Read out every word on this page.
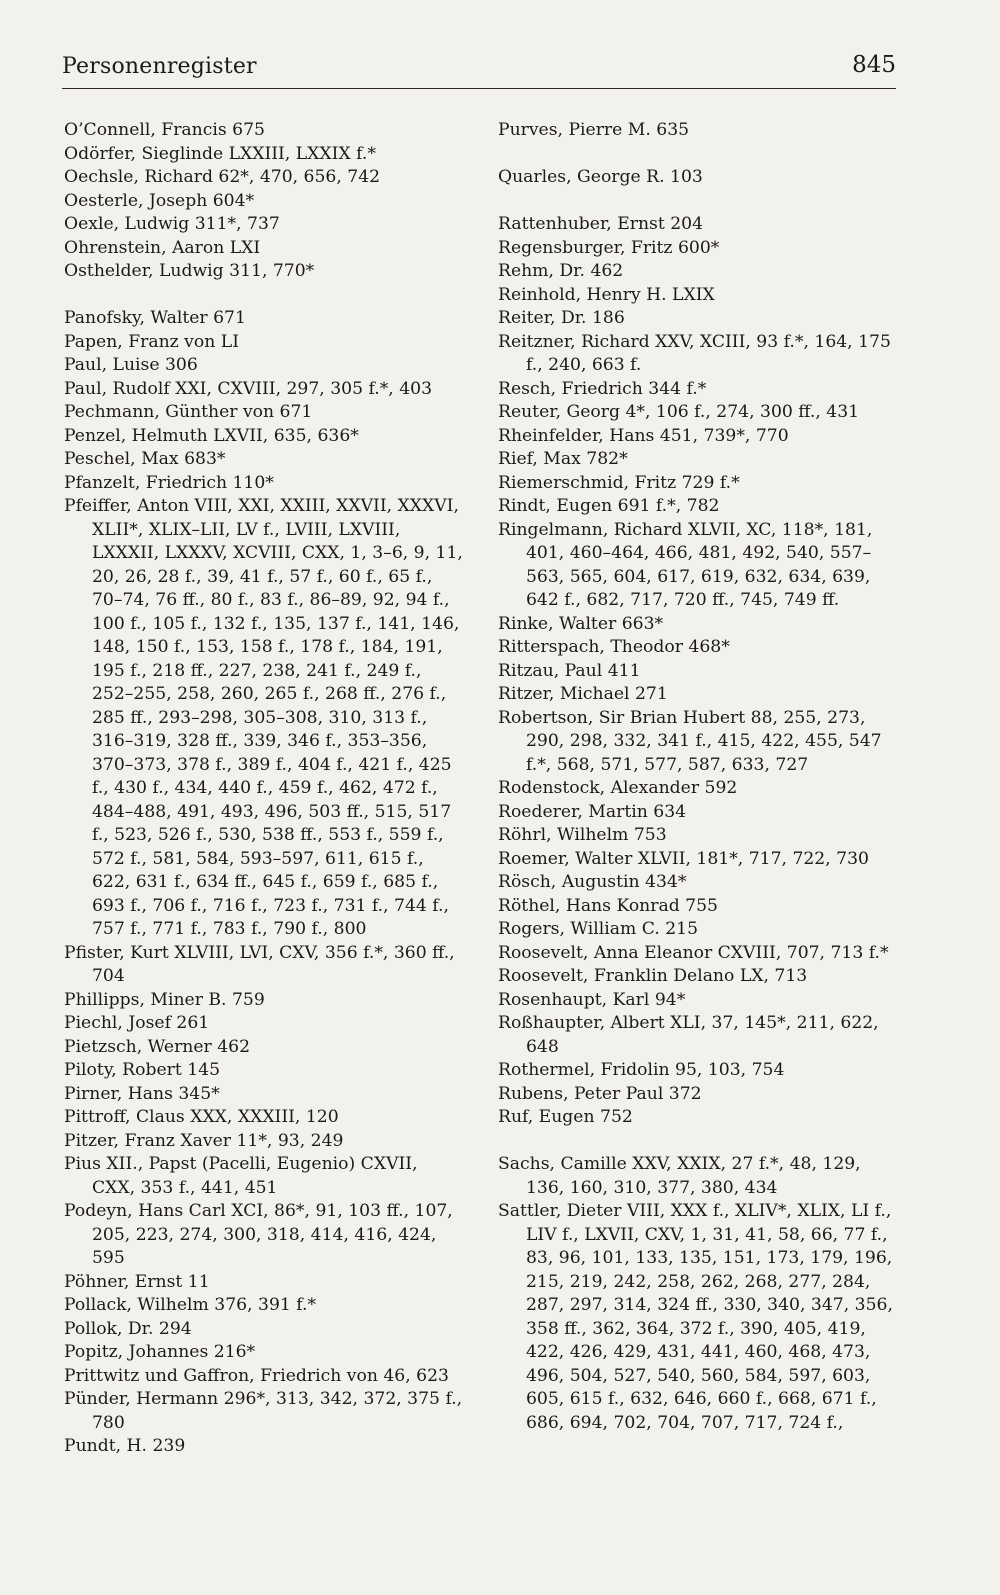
Personenregister	845
O’Connell, Francis 675
Odörfer, Sieglinde LXXIII, LXXIX f.*
Oechsle, Richard 62*, 470, 656, 742
Oesterle, Joseph 604*
Oexle, Ludwig 311*, 737
Ohrenstein, Aaron LXI
Osthelder, Ludwig 311, 770*
Panofsky, Walter 671
Papen, Franz von LI
Paul, Luise 306
Paul, Rudolf XXI, CXVIII, 297, 305 f.*, 403
Pechmann, Günther von 671
Penzel, Helmuth LXVII, 635, 636*
Peschel, Max 683*
Pfanzelt, Friedrich 110*
Pfeiffer, Anton VIII, XXI, XXIII, XXVII, XXXVI, XLII*, XLIX–LII, LV f., LVIII, LXVIII, LXXXII, LXXXV, XCVIII, CXX, 1, 3–6, 9, 11, 20, 26, 28 f., 39, 41 f., 57 f., 60 f., 65 f., 70–74, 76 ff., 80 f., 83 f., 86–89, 92, 94 f., 100 f., 105 f., 132 f., 135, 137 f., 141, 146, 148, 150 f., 153, 158 f., 178 f., 184, 191, 195 f., 218 ff., 227, 238, 241 f., 249 f., 252–255, 258, 260, 265 f., 268 ff., 276 f., 285 ff., 293–298, 305–308, 310, 313 f., 316–319, 328 ff., 339, 346 f., 353–356, 370–373, 378 f., 389 f., 404 f., 421 f., 425 f., 430 f., 434, 440 f., 459 f., 462, 472 f., 484–488, 491, 493, 496, 503 ff., 515, 517 f., 523, 526 f., 530, 538 ff., 553 f., 559 f., 572 f., 581, 584, 593–597, 611, 615 f., 622, 631 f., 634 ff., 645 f., 659 f., 685 f., 693 f., 706 f., 716 f., 723 f., 731 f., 744 f., 757 f., 771 f., 783 f., 790 f., 800
Pfister, Kurt XLVIII, LVI, CXV, 356 f.*, 360 ff., 704
Phillipps, Miner B. 759
Piechl, Josef 261
Pietzsch, Werner 462
Piloty, Robert 145
Pirner, Hans 345*
Pittroff, Claus XXX, XXXIII, 120
Pitzer, Franz Xaver 11*, 93, 249
Pius XII., Papst (Pacelli, Eugenio) CXVII, CXX, 353 f., 441, 451
Podeyn, Hans Carl XCI, 86*, 91, 103 ff., 107, 205, 223, 274, 300, 318, 414, 416, 424, 595
Pöhner, Ernst 11
Pollack, Wilhelm 376, 391 f.*
Pollok, Dr. 294
Popitz, Johannes 216*
Prittwitz und Gaffron, Friedrich von 46, 623
Pünder, Hermann 296*, 313, 342, 372, 375 f., 780
Pundt, H. 239
Purves, Pierre M. 635
Quarles, George R. 103
Rattenhuber, Ernst 204
Regensburger, Fritz 600*
Rehm, Dr. 462
Reinhold, Henry H. LXIX
Reiter, Dr. 186
Reitzner, Richard XXV, XCIII, 93 f.*, 164, 175 f., 240, 663 f.
Resch, Friedrich 344 f.*
Reuter, Georg 4*, 106 f., 274, 300 ff., 431
Rheinfelder, Hans 451, 739*, 770
Rief, Max 782*
Riemerschmid, Fritz 729 f.*
Rindt, Eugen 691 f.*, 782
Ringelmann, Richard XLVII, XC, 118*, 181, 401, 460–464, 466, 481, 492, 540, 557–563, 565, 604, 617, 619, 632, 634, 639, 642 f., 682, 717, 720 ff., 745, 749 ff.
Rinke, Walter 663*
Ritterspach, Theodor 468*
Ritzau, Paul 411
Ritzer, Michael 271
Robertson, Sir Brian Hubert 88, 255, 273, 290, 298, 332, 341 f., 415, 422, 455, 547 f.*, 568, 571, 577, 587, 633, 727
Rodenstock, Alexander 592
Roederer, Martin 634
Röhrl, Wilhelm 753
Roemer, Walter XLVII, 181*, 717, 722, 730
Rösch, Augustin 434*
Röthel, Hans Konrad 755
Rogers, William C. 215
Roosevelt, Anna Eleanor CXVIII, 707, 713 f.*
Roosevelt, Franklin Delano LX, 713
Rosenhaupt, Karl 94*
Roßhaupter, Albert XLI, 37, 145*, 211, 622, 648
Rothermel, Fridolin 95, 103, 754
Rubens, Peter Paul 372
Ruf, Eugen 752
Sachs, Camille XXV, XXIX, 27 f.*, 48, 129, 136, 160, 310, 377, 380, 434
Sattler, Dieter VIII, XXX f., XLIV*, XLIX, LI f., LIV f., LXVII, CXV, 1, 31, 41, 58, 66, 77 f., 83, 96, 101, 133, 135, 151, 173, 179, 196, 215, 219, 242, 258, 262, 268, 277, 284, 287, 297, 314, 324 ff., 330, 340, 347, 356, 358 ff., 362, 364, 372 f., 390, 405, 419, 422, 426, 429, 431, 441, 460, 468, 473, 496, 504, 527, 540, 560, 584, 597, 603, 605, 615 f., 632, 646, 660 f., 668, 671 f., 686, 694, 702, 704, 707, 717, 724 f.,
